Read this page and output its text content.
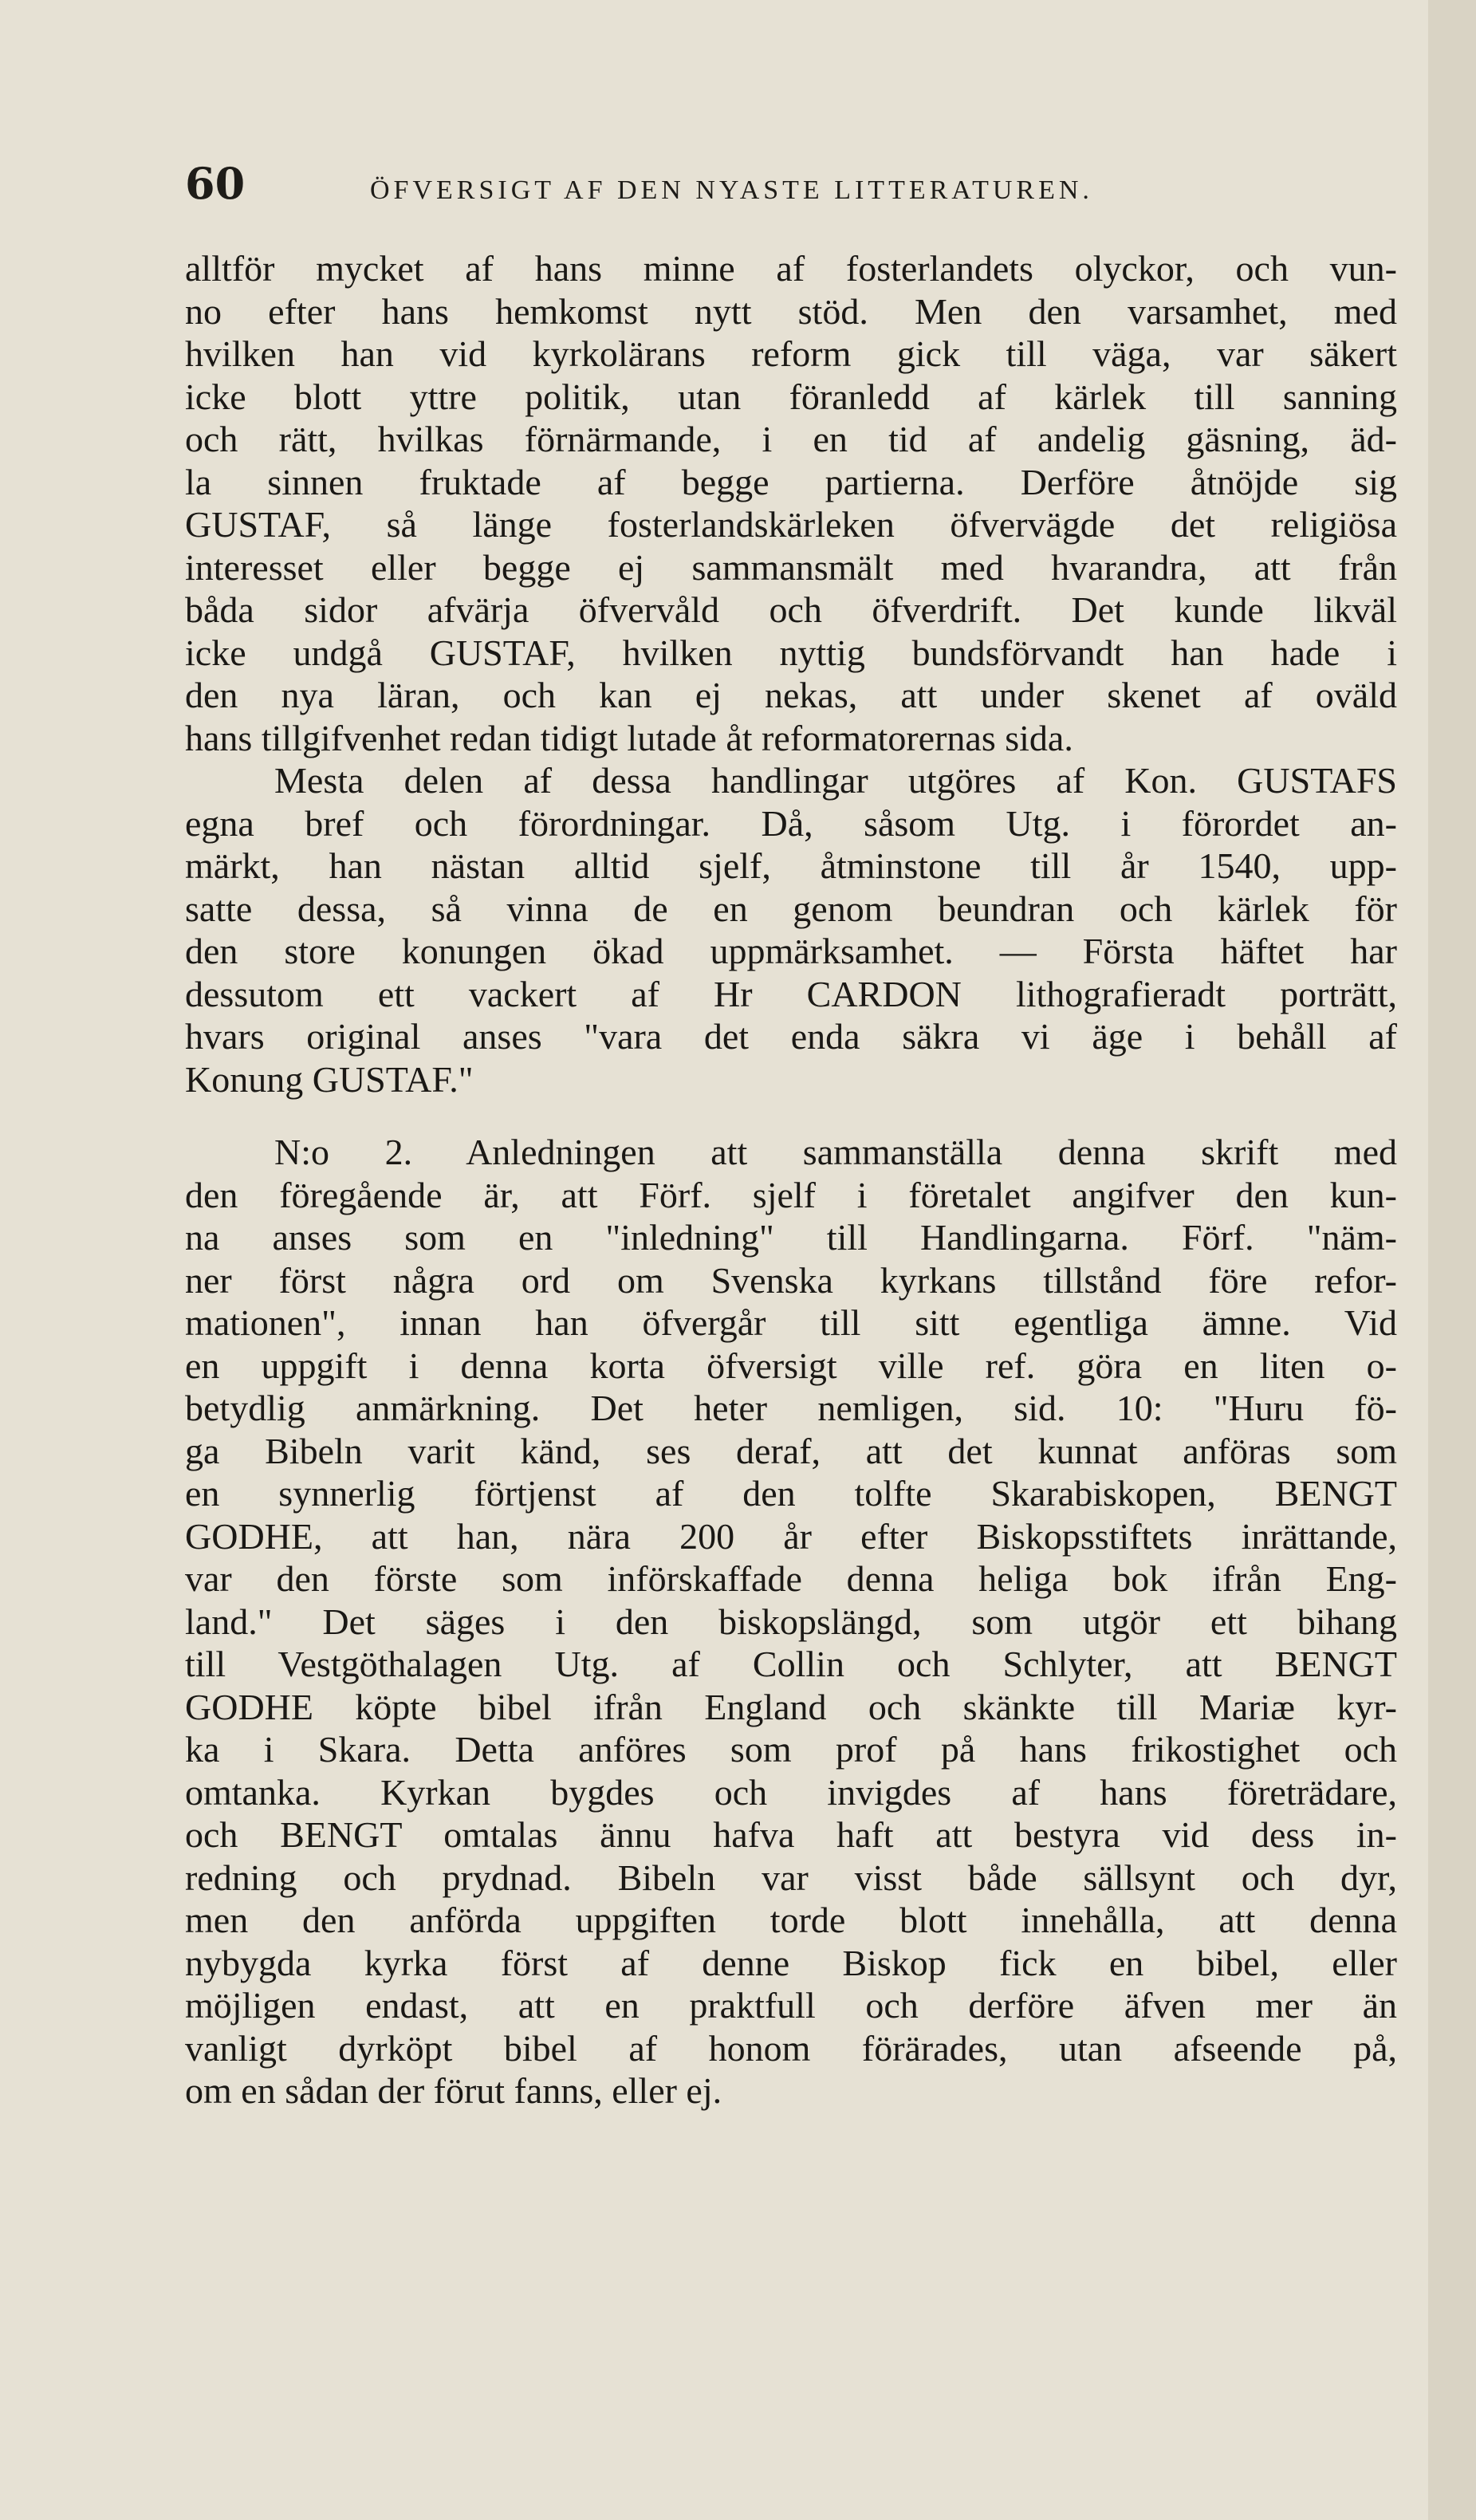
60	ÖFVERSIGT AF DEN NYASTE LITTERATUREN.
alltför mycket af hans minne af fosterlandets olyckor, och vun-
no efter hans hemkomst nytt stöd. Men den varsamhet, med
hvilken han vid kyrkolärans reform gick till väga, var säkert
icke blott yttre politik, utan föranledd af kärlek till sanning
och rätt, hvilkas förnärmande, i en tid af andelig gäsning, äd-
la sinnen fruktade af begge partierna. Derföre åtnöjde sig
GUSTAF, så länge fosterlandskärleken öfvervägde det religiösa
interesset eller begge ej sammansmält med hvarandra, att från
båda sidor afvärja öfvervåld och öfverdrift. Det kunde likväl
icke undgå GUSTAF, hvilken nyttig bundsförvandt han hade i
den nya läran, och kan ej nekas, att under skenet af oväld
hans tillgifvenhet redan tidigt lutade åt reformatorernas sida.
Mesta delen af dessa handlingar utgöres af Kon. GUSTAFS
egna bref och förordningar. Då, såsom Utg. i förordet an-
märkt, han nästan alltid sjelf, åtminstone till år 1540, upp-
satte dessa, så vinna de en genom beundran och kärlek för
den store konungen ökad uppmärksamhet. — Första häftet har
dessutom ett vackert af Hr CARDON lithografieradt porträtt,
hvars original anses "vara det enda säkra vi äge i behåll af
Konung GUSTAF."
N:o 2. Anledningen att sammanställa denna skrift med
den föregående är, att Förf. sjelf i företalet angifver den kun-
na anses som en "inledning" till Handlingarna. Förf. "näm-
ner först några ord om Svenska kyrkans tillstånd före refor-
mationen", innan han öfvergår till sitt egentliga ämne. Vid
en uppgift i denna korta öfversigt ville ref. göra en liten o-
betydlig anmärkning. Det heter nemligen, sid. 10: "Huru fö-
ga Bibeln varit känd, ses deraf, att det kunnat anföras som
en synnerlig förtjenst af den tolfte Skarabiskopen, BENGT
GODHE, att han, nära 200 år efter Biskopsstiftets inrättande,
var den förste som införskaffade denna heliga bok ifrån Eng-
land." Det säges i den biskopslängd, som utgör ett bihang
till Vestgöthalagen Utg. af Collin och Schlyter, att BENGT
GODHE köpte bibel ifrån England och skänkte till Mariæ kyr-
ka i Skara. Detta anföres som prof på hans frikostighet och
omtanka. Kyrkan bygdes och invigdes af hans företrädare,
och BENGT omtalas ännu hafva haft att bestyra vid dess in-
redning och prydnad. Bibeln var visst både sällsynt och dyr,
men den anförda uppgiften torde blott innehålla, att denna
nybygda kyrka först af denne Biskop fick en bibel, eller
möjligen endast, att en praktfull och derföre äfven mer än
vanligt dyrköpt bibel af honom förärades, utan afseende på,
om en sådan der förut fanns, eller ej.
